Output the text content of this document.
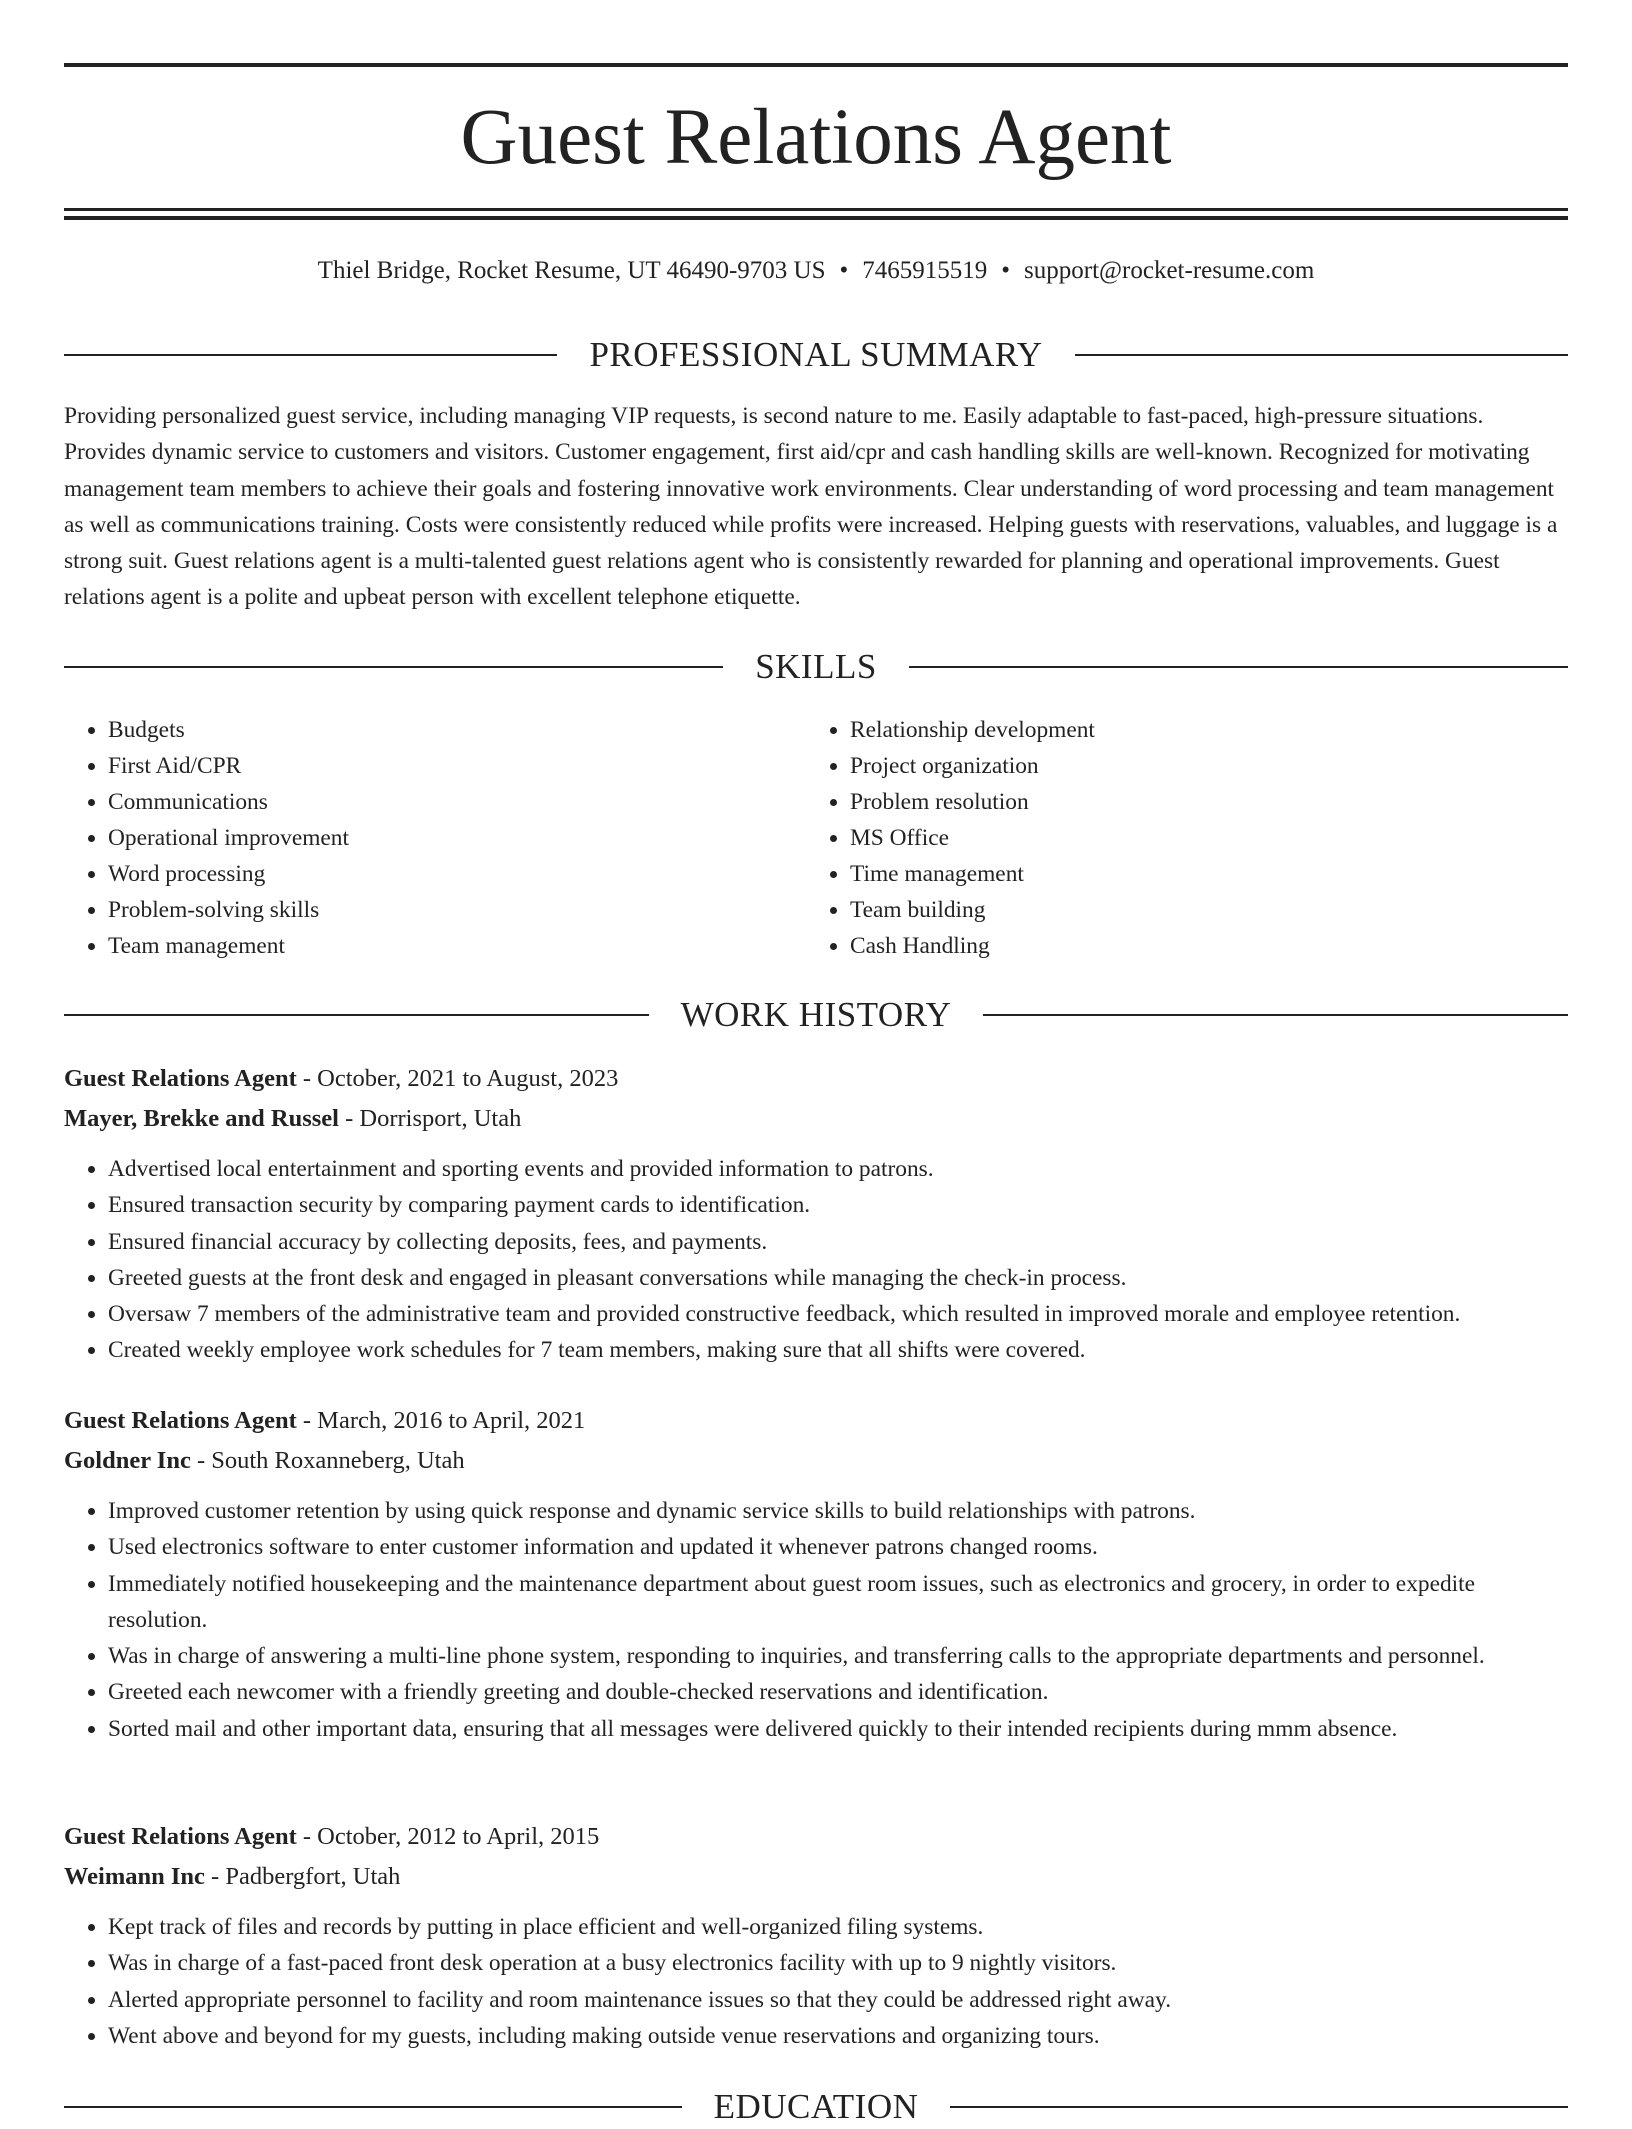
Guest Relations Agent
Thiel Bridge, Rocket Resume, UT 46490-9703 US • 7465915519 • support@rocket-resume.com
PROFESSIONAL SUMMARY

Providing personalized guest service, including managing VIP requests, is second nature to me. Easily adaptable to fast-paced, high-pressure situations. Provides dynamic service to customers and visitors. Customer engagement, first aid/cpr and cash handling skills are well-known. Recognized for motivating management team members to achieve their goals and fostering innovative work environments. Clear understanding of word processing and team management as well as communications training. Costs were consistently reduced while profits were increased. Helping guests with reservations, valuables, and luggage is a strong suit. Guest relations agent is a multi-talented guest relations agent who is consistently rewarded for planning and operational improvements. Guest relations agent is a polite and upbeat person with excellent telephone etiquette.

SKILLS
• Budgets
• First Aid/CPR
• Communications
• Operational improvement
• Word processing
• Problem-solving skills
• Team management
• Relationship development
• Project organization
• Problem resolution
• MS Office
• Time management
• Team building
• Cash Handling
WORK HISTORY

Guest Relations Agent - October, 2021 to August, 2023

Mayer, Brekke and Russel - Dorrisport, Utah

• Advertised local entertainment and sporting events and provided information to patrons.
• Ensured transaction security by comparing payment cards to identification.
• Ensured financial accuracy by collecting deposits, fees, and payments.
• Greeted guests at the front desk and engaged in pleasant conversations while managing the check-in process.
• Oversaw 7 members of the administrative team and provided constructive feedback, which resulted in improved morale and employee retention.
• Created weekly employee work schedules for 7 team members, making sure that all shifts were covered.

Guest Relations Agent - March, 2016 to April, 2021

Goldner Inc - South Roxanneberg, Utah

• Improved customer retention by using quick response and dynamic service skills to build relationships with patrons.
• Used electronics software to enter customer information and updated it whenever patrons changed rooms.
• Immediately notified housekeeping and the maintenance department about guest room issues, such as electronics and grocery, in order to expedite resolution.
• Was in charge of answering a multi-line phone system, responding to inquiries, and transferring calls to the appropriate departments and personnel.
• Greeted each newcomer with a friendly greeting and double-checked reservations and identification.
• Sorted mail and other important data, ensuring that all messages were delivered quickly to their intended recipients during mmm absence.

Guest Relations Agent - October, 2012 to April, 2015

Weimann Inc - Padbergfort, Utah

• Kept track of files and records by putting in place efficient and well-organized filing systems.
• Was in charge of a fast-paced front desk operation at a busy electronics facility with up to 9 nightly visitors.
• Alerted appropriate personnel to facility and room maintenance issues so that they could be addressed right away.
• Went above and beyond for my guests, including making outside venue reservations and organizing tours.
EDUCATION
